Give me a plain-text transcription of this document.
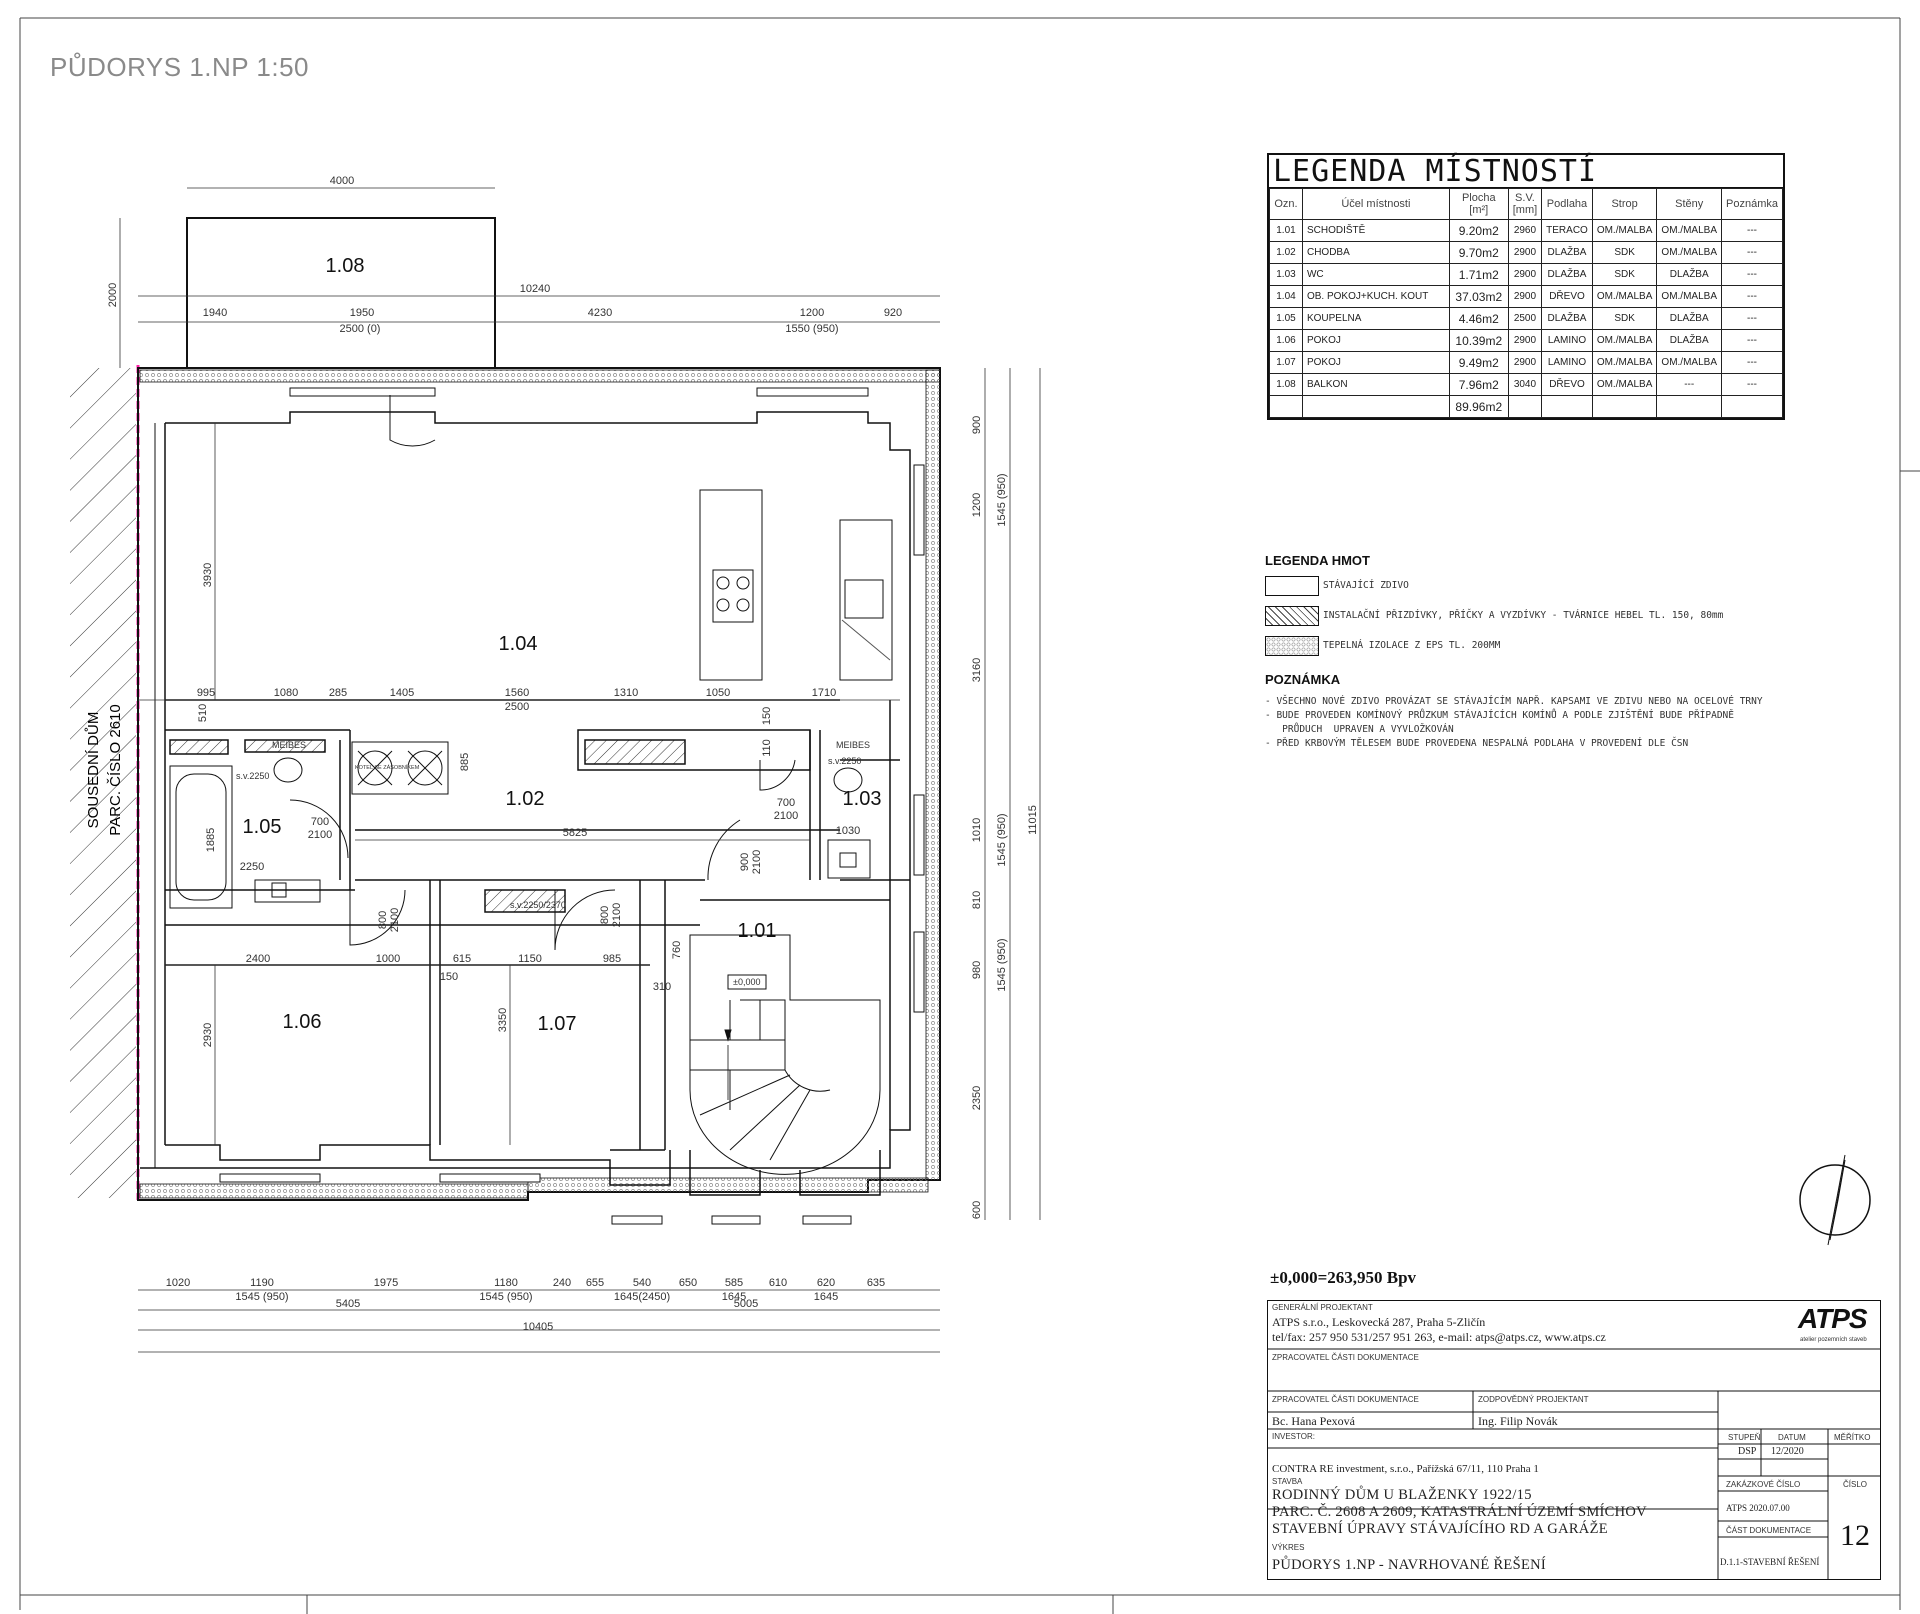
PŮDORYS 1.NP 1:50
SOUSEDNÍ DŮM PARC. ČÍSLO 2610
1.08
1.04
1.02
1.05
1.03
1.01
1.06	1.07
4000
2000	10240
1940	1950	4230	1200	920
2500 (0)	1550 (950)
995	1080	285	1405	1560	1310	1050	1710
2500
5825
2400	1000	615	1150	985
1020	1190	1975	1180	240 655	540	650	585 610	620	635
1545 (950)	1545 (950)	1645(2450)	1645	1645
5405	5005
10405
900
1200 1545 (950)
3160
1010 1545 (950)
810
980 1545 (950)
2350
600
11015
3930
2930
3350
1885
2250
510
885
110
150
150
760
310
1030
700
2100
700
2100
900 2100
800 2100	800 2100
s.v.2250
s.v.2250
s.v.2250/2370
MEIBES	MEIBES
KOTEL SE ZÁSOBNÍKEM
±0,000
LEGENDA MÍSTNOSTÍ
Ozn.	Účel místnosti	Plocha [m²]	S.V. [mm]	Podlaha	Strop	Stěny	Poznámka
1.01	SCHODIŠTĚ	9.20m2	2960	TERACO	OM./MALBA	OM./MALBA	---
1.02	CHODBA	9.70m2	2900	DLAŽBA	SDK	OM./MALBA	---
1.03	WC	1.71m2	2900	DLAŽBA	SDK	DLAŽBA	---
1.04	OB. POKOJ+KUCH. KOUT	37.03m2	2900	DŘEVO	OM./MALBA	OM./MALBA	---
1.05	KOUPELNA	4.46m2	2500	DLAŽBA	SDK	DLAŽBA	---
1.06	POKOJ	10.39m2	2900	LAMINO	OM./MALBA	DLAŽBA	---
1.07	POKOJ	9.49m2	2900	LAMINO	OM./MALBA	OM./MALBA	---
1.08	BALKON	7.96m2	3040	DŘEVO	OM./MALBA	---	---
		89.96m2					
LEGENDA HMOT
STÁVAJÍCÍ ZDIVO
INSTALAČNÍ PŘIZDÍVKY, PŘÍČKY A VYZDÍVKY - TVÁRNICE HEBEL TL. 150, 80mm
TEPELNÁ IZOLACE Z EPS TL. 200MM
POZNÁMKA
- VŠECHNO NOVÉ ZDIVO PROVÁZAT SE STÁVAJÍCÍM NAPŘ. KAPSAMI VE ZDIVU NEBO NA OCELOVÉ TRNY
- BUDE PROVEDEN KOMÍNOVÝ PRŮZKUM STÁVAJÍCÍCH KOMÍNŮ A PODLE ZJIŠTĚNÍ BUDE PŘÍPADNĚ
PRŮDUCH  UPRAVEN A VYVLOŽKOVÁN
- PŘED KRBOVÝM TĚLESEM BUDE PROVEDENA NESPALNÁ PODLAHA V PROVEDENÍ DLE ČSN
±0,000=263,950 Bpv
GENERÁLNÍ PROJEKTANT
ATPS s.r.o., Leskovecká 287, Praha 5-Zličín
tel/fax: 257 950 531/257 951 263, e-mail: atps@atps.cz, www.atps.cz
ATPS
atelier pozemních staveb
ZPRACOVATEL ČÁSTI DOKUMENTACE
ZPRACOVATEL ČÁSTI DOKUMENTACE	ZODPOVĚDNÝ PROJEKTANT
Bc. Hana Pexová	Ing. Filip Novák
INVESTOR:
CONTRA RE investment, s.r.o., Pařížská 67/11, 110 Praha 1
STAVBA
RODINNÝ DŮM U BLAŽENKY 1922/15
PARC. Č. 2608 A 2609, KATASTRÁLNÍ ÚZEMÍ SMÍCHOV
STAVEBNÍ ÚPRAVY STÁVAJÍCÍHO RD A GARÁŽE
VÝKRES
PŮDORYS 1.NP - NAVRHOVANÉ ŘEŠENÍ
STUPEŇ
DSP
DATUM
12/2020
MĚŘÍTKO
ZAKÁZKOVÉ ČÍSLO
ATPS 2020.07.00
ČÍSLO
12
ČÁST DOKUMENTACE
D.1.1-STAVEBNÍ ŘEŠENÍ
